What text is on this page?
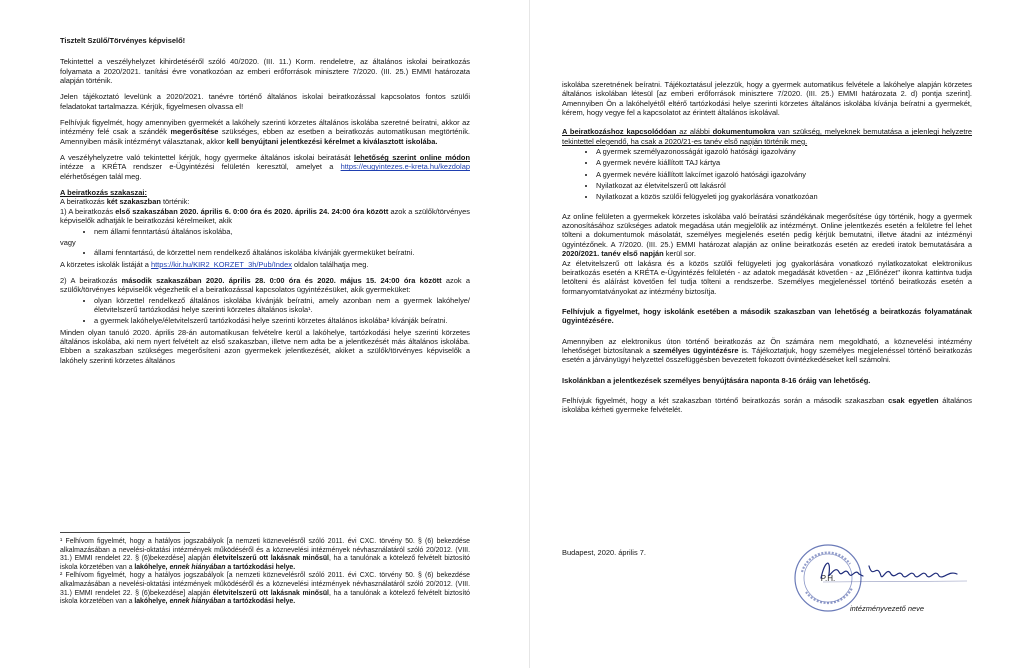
Tisztelt Szülő/Törvényes képviselő!

Tekintettel a veszélyhelyzet kihirdetéséről szóló 40/2020. (III. 11.) Korm. rendeletre, az általános iskolai beiratkozás folyamata a 2020/2021. tanítási évre vonatkozóan az emberi erőforrások minisztere 7/2020. (III. 25.) EMMI határozata alapján történik.

Jelen tájékoztató levelünk a 2020/2021. tanévre történő általános iskolai beiratkozással kapcsolatos fontos szülői feladatokat tartalmazza. Kérjük, figyelmesen olvassa el!

Felhívjuk figyelmét, hogy amennyiben gyermekét a lakóhely szerinti körzetes általános iskolába szeretné beíratni, akkor az intézmény felé csak a szándék megerősítése szükséges, ebben az esetben a beiratkozás automatikusan megtörténik. Amennyiben másik intézményt választanak, akkor kell benyújtani jelentkezési kérelmet a kiválasztott iskolába.

A veszélyhelyzetre való tekintettel kérjük, hogy gyermeke általános iskolai beiratását lehetőség szerint online módon intézze a KRÉTA rendszer e-Ügyintézési felületén keresztül, amelyet a https://eugyintezes.e-kreta.hu/kezdolap elérhetőségen talál meg.

A beiratkozás szakaszai:

A beiratkozás két szakaszban történik:

1) A beiratkozás első szakaszában 2020. április 6. 0:00 óra és 2020. április 24. 24:00 óra között azok a szülők/törvényes képviselők adhatják le beiratkozási kérelmeiket, akik

• nem állami fenntartású általános iskolába,

vagy

• állami fenntartású, de körzettel nem rendelkező általános iskolába kívánják gyermeküket beíratni.

A körzetes iskolák listáját a https://kir.hu/KIR2_KORZET_3h/Pub/Index oldalon találhatja meg.

2) A beiratkozás második szakaszában 2020. április 28. 0:00 óra és 2020. május 15. 24:00 óra között azok a szülők/törvényes képviselők végezhetik el a beiratkozással kapcsolatos ügyintézésüket, akik gyermeküket:

• olyan körzettel rendelkező általános iskolába kívánják beíratni, amely azonban nem a gyermek lakóhelye/életvitelszerű tartózkodási helye szerinti körzetes általános iskola¹.
• a gyermek lakóhelye/életvitelszerű tartózkodási helye szerinti körzetes általános iskolába² kívánják beíratni.

Minden olyan tanuló 2020. április 28-án automatikusan felvételre kerül a lakóhelye, tartózkodási helye szerinti körzetes általános iskolába, aki nem nyert felvételt az első szakaszban, illetve nem adta be a jelentkezését más általános iskolába. Ebben a szakaszban szükséges megerősíteni azon gyermekek jelentkezését, akiket a szülők/törvényes képviselők a lakóhely szerinti körzetes általános

¹ Felhívom figyelmét, hogy a hatályos jogszabályok [a nemzeti köznevelésről szóló 2011. évi CXC. törvény 50. § (6) bekezdése alkalmazásában a nevelési-oktatási intézmények működéséről és a köznevelési intézmények névhasználatáról szóló 20/2012. (VIII. 31.) EMMI rendelet 22. § (6)bekezdése] alapján életvitelszerű ott lakásnak minősül, ha a tanulónak a kötelező felvételt biztosító iskola körzetében van a lakóhelye, ennek hiányában a tartózkodási helye.

² Felhívom figyelmét, hogy a hatályos jogszabályok [a nemzeti köznevelésről szóló 2011. évi CXC. törvény 50. § (6) bekezdése alkalmazásában a nevelési-oktatási intézmények működéséről és a köznevelési intézmények névhasználatáról szóló 20/2012. (VIII. 31.) EMMI rendelet 22. § (6)bekezdése] alapján életvitelszerű ott lakásnak minősül, ha a tanulónak a kötelező felvételt biztosító iskola körzetében van a lakóhelye, ennek hiányában a tartózkodási helye.

iskolába szeretnének beíratni. Tájékoztatásul jelezzük, hogy a gyermek automatikus felvétele a lakóhelye alapján körzetes általános iskolában létesül [az emberi erőforrások minisztere 7/2020. (III. 25.) EMMI határozata 2. d) pontja szerint]. Amennyiben Ön a lakóhelyétől eltérő tartózkodási helye szerinti körzetes általános iskolába kívánja beíratni a gyermekét, kérem, hogy vegye fel a kapcsolatot az érintett általános iskolával.

A beiratkozáshoz kapcsolódóan az alábbi dokumentumokra van szükség, melyeknek bemutatása a jelenlegi helyzetre tekintettel elegendő, ha csak a 2020/21-es tanév első napján történik meg.

• A gyermek személyazonosságát igazoló hatósági igazolvány
• A gyermek nevére kiállított TAJ kártya
• A gyermek nevére kiállított lakcímet igazoló hatósági igazolvány
• Nyilatkozat az életvitelszerű ott lakásról
• Nyilatkozat a közös szülői felügyeleti jog gyakorlására vonatkozóan

Az online felületen a gyermekek körzetes iskolába való beíratási szándékának megerősítése úgy történik, hogy a gyermek azonosításához szükséges adatok megadása után megjelölik az intézményt. Online jelentkezés esetén a felületre fel lehet tölteni a dokumentumok másolatát, személyes megjelenés esetén pedig kérjük bemutatni, illetve átadni az intézményi ügyintézőnek. A 7/2020. (III. 25.) EMMI határozat alapján az online beiratkozás esetén az eredeti iratok bemutatására a 2020/2021. tanév első napján kerül sor.

Az életvitelszerű ott lakásra és a közös szülői felügyeleti jog gyakorlására vonatkozó nyilatkozatokat elektronikus beiratkozás esetén a KRÉTA e-Ügyintézés felületén - az adatok megadását követően - az „Előnézet" ikonra kattintva tudja letölteni és aláírást követően fel tudja tölteni a rendszerbe. Személyes megjelenéssel történő beiratkozás esetén a formanyomtatványokat az intézmény biztosítja.

Felhívjuk a figyelmet, hogy iskolánk esetében a második szakaszban van lehetőség a beiratkozás folyamatának ügyintézésére.

Amennyiben az elektronikus úton történő beiratkozás az Ön számára nem megoldható, a köznevelési intézmény lehetőséget biztosítanak a személyes ügyintézésre is. Tájékoztatjuk, hogy személyes megjelenéssel történő beiratkozás esetén a járványügyi helyzettel összefüggésben bevezetett fokozott óvintézkedéseket kell számolni.

Iskolánkban a jelentkezések személyes benyújtására naponta 8-16 óráig van lehetőség.

Felhívjuk figyelmét, hogy a két szakaszban történő beiratkozás során a második szakaszban csak egyetlen általános iskolába kérheti gyermeke felvételét.

Budapest, 2020. április 7.
P.H.
intézményvezető neve
